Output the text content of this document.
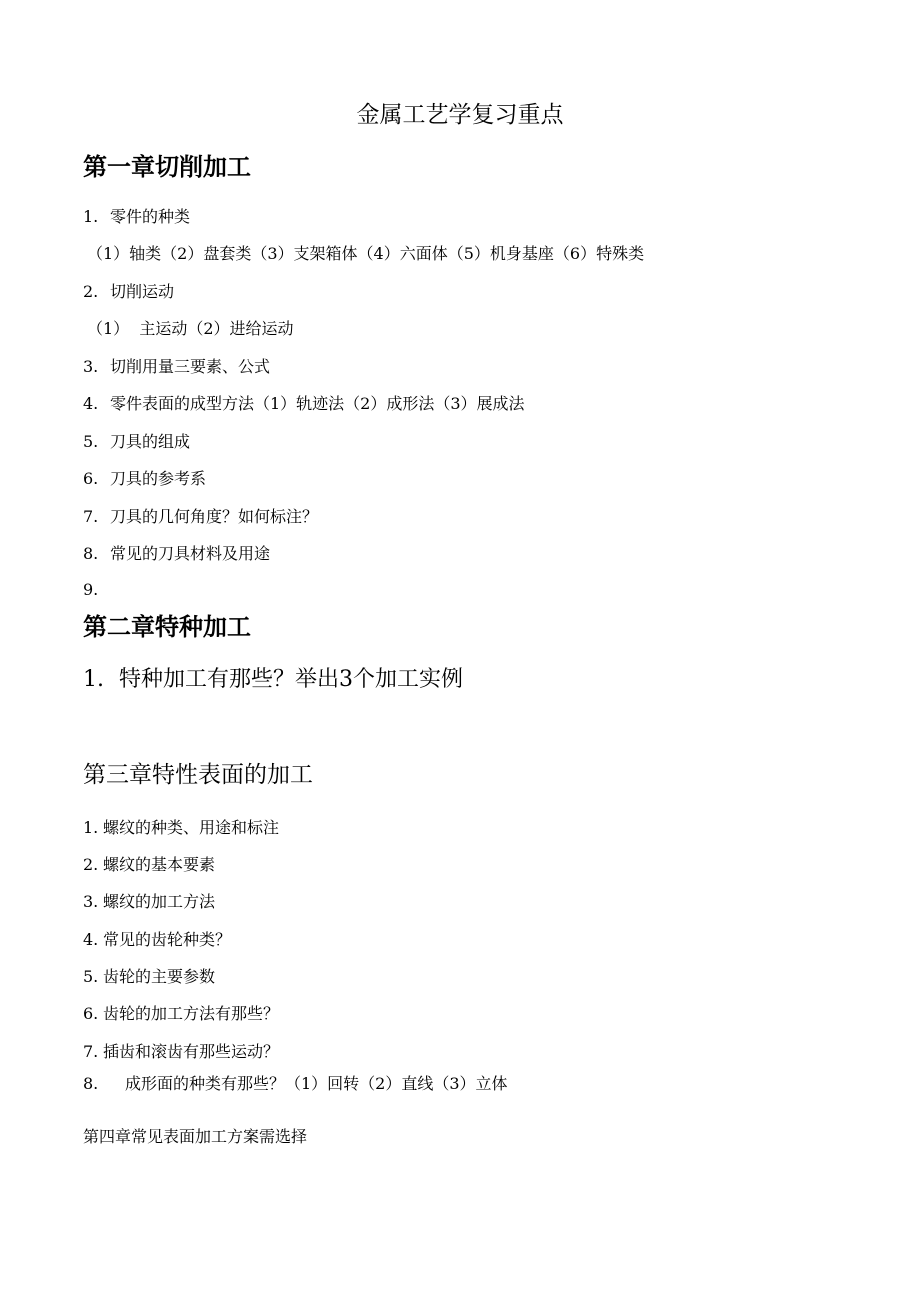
金属工艺学复习重点
第一章切削加工
1. 零件的种类
（1）轴类（2）盘套类（3）支架箱体（4）六面体（5）机身基座（6）特殊类
2. 切削运动
（1）  主运动（2）进给运动
3. 切削用量三要素、公式
4. 零件表面的成型方法（1）轨迹法（2）成形法（3）展成法
5. 刀具的组成
6. 刀具的参考系
7. 刀具的几何角度？如何标注？
8. 常见的刀具材料及用途
9.
第二章特种加工
1. 特种加工有那些？举出3个加工实例
第三章特性表面的加工
1. 螺纹的种类、用途和标注
2. 螺纹的基本要素
3. 螺纹的加工方法
4. 常见的齿轮种类？
5. 齿轮的主要参数
6. 齿轮的加工方法有那些？
7. 插齿和滚齿有那些运动？
8. 成形面的种类有那些？（1）回转（2）直线（3）立体
第四章常见表面加工方案需选择
